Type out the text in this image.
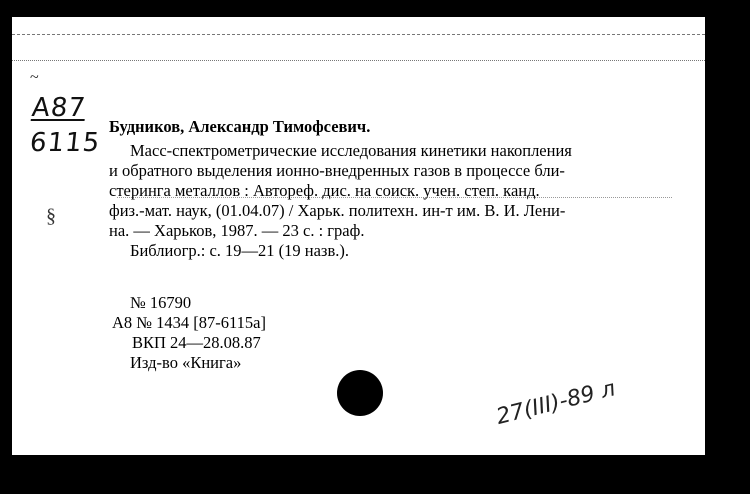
~
A87
6115
§
Будников, Александр Тимофсевич.
Масс-спектрометрические исследования кинетики накопления
и обратного выделения ионно-внедренных газов в процессе бли-
стеринга металлов : Автореф. дис. на соиск. учен. степ. канд.
физ.-мат. наук, (01.04.07) / Харьк. политехн. ин-т им. В. И. Лени-
на. — Харьков, 1987. — 23 с. : граф.
Библиогр.: с. 19—21 (19 назв.).
№ 16790
А8 № 1434 [87-6115а]
ВКП 24—28.08.87
Изд-во «Книга»
27(III)-89 л
